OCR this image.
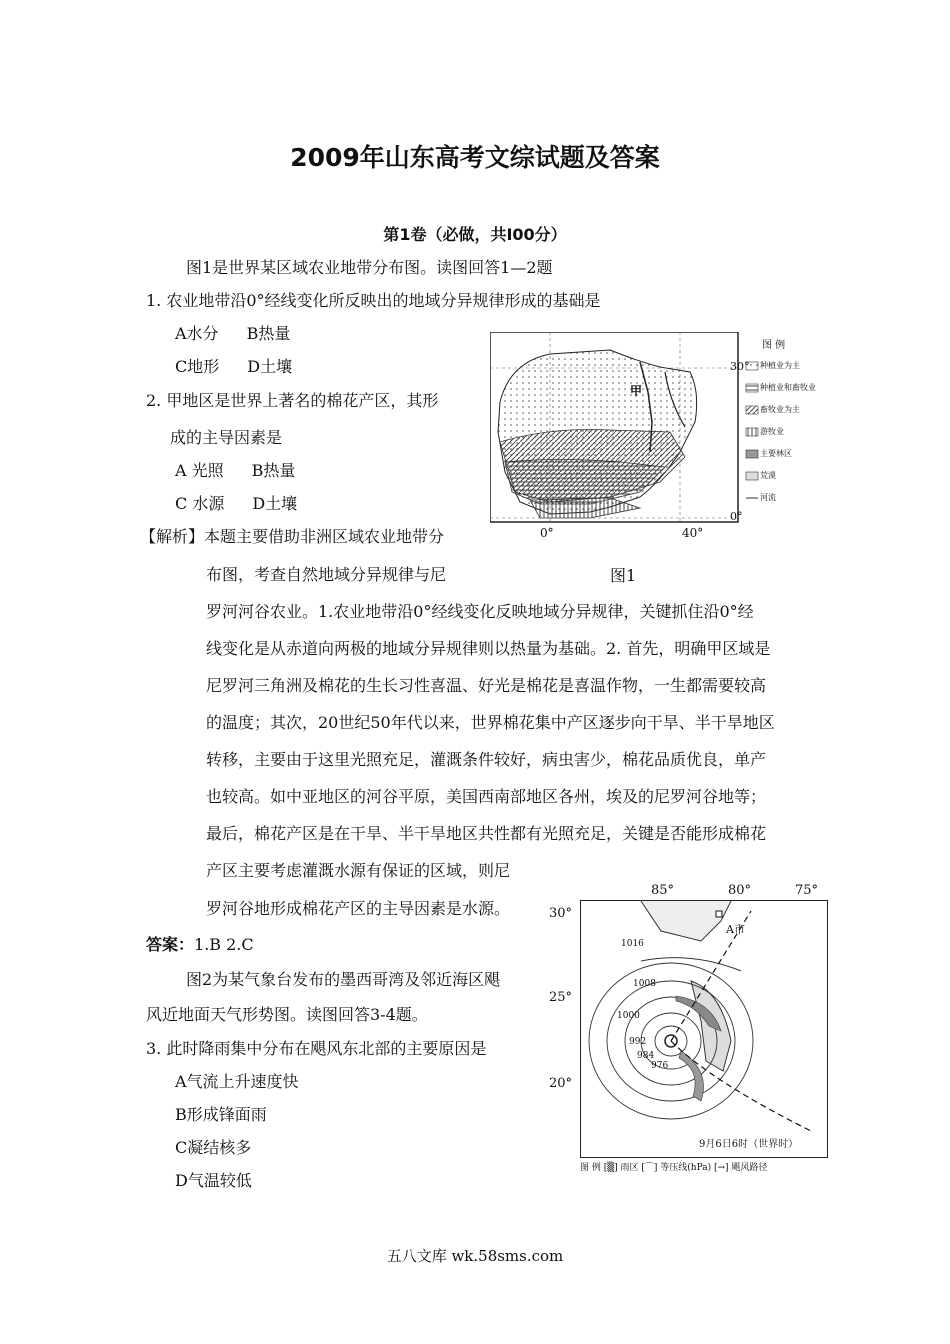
2009年山东高考文综试题及答案
第1卷（必做，共I00分）
图1是世界某区域农业地带分布图。读图回答1—2题
1. 农业地带沿0°经线变化所反映出的地域分异规律形成的基础是
A水分 B热量
C地形 D土壤
2. 甲地区是世界上著名的棉花产区，其形
成的主导因素是
A 光照 B热量
C 水源 D土壤
图 例
种植业为主
种植业和畜牧业
畜牧业为主
游牧业
主要林区
荒漠
河流
30°
0°
甲
0°	40°
图1
【解析】本题主要借助非洲区域农业地带分
布图，考查自然地域分异规律与尼
罗河河谷农业。1.农业地带沿0°经线变化反映地域分异规律，关键抓住沿0°经
线变化是从赤道向两极的地域分异规律则以热量为基础。2. 首先，明确甲区域是
尼罗河三角洲及棉花的生长习性喜温、好光是棉花是喜温作物，一生都需要较高
的温度；其次，20世纪50年代以来，世界棉花集中产区逐步向干旱、半干旱地区
转移，主要由于这里光照充足，灌溉条件较好，病虫害少，棉花品质优良，单产
也较高。如中亚地区的河谷平原，美国西南部地区各州，埃及的尼罗河谷地等；
最后，棉花产区是在干旱、半干旱地区共性都有光照充足，关键是否能形成棉花
产区主要考虑灌溉水源有保证的区域，则尼
罗河谷地形成棉花产区的主导因素是水源。
答案：1.B 2.C
图2为某气象台发布的墨西哥湾及邻近海区飓
风近地面天气形势图。读图回答3-4题。
3. 此时降雨集中分布在飓风东北部的主要原因是
A气流上升速度快
B形成锋面雨
C凝结核多
D气温较低
85°	80°	75°
30°
25°
20°
A市
1016
1008
1000
992
984
976
9月6日6时（世界时）
图 例 [▒] 雨区 [⌒] 等压线(hPa) [→] 飓风路径
五八文库 wk.58sms.com
